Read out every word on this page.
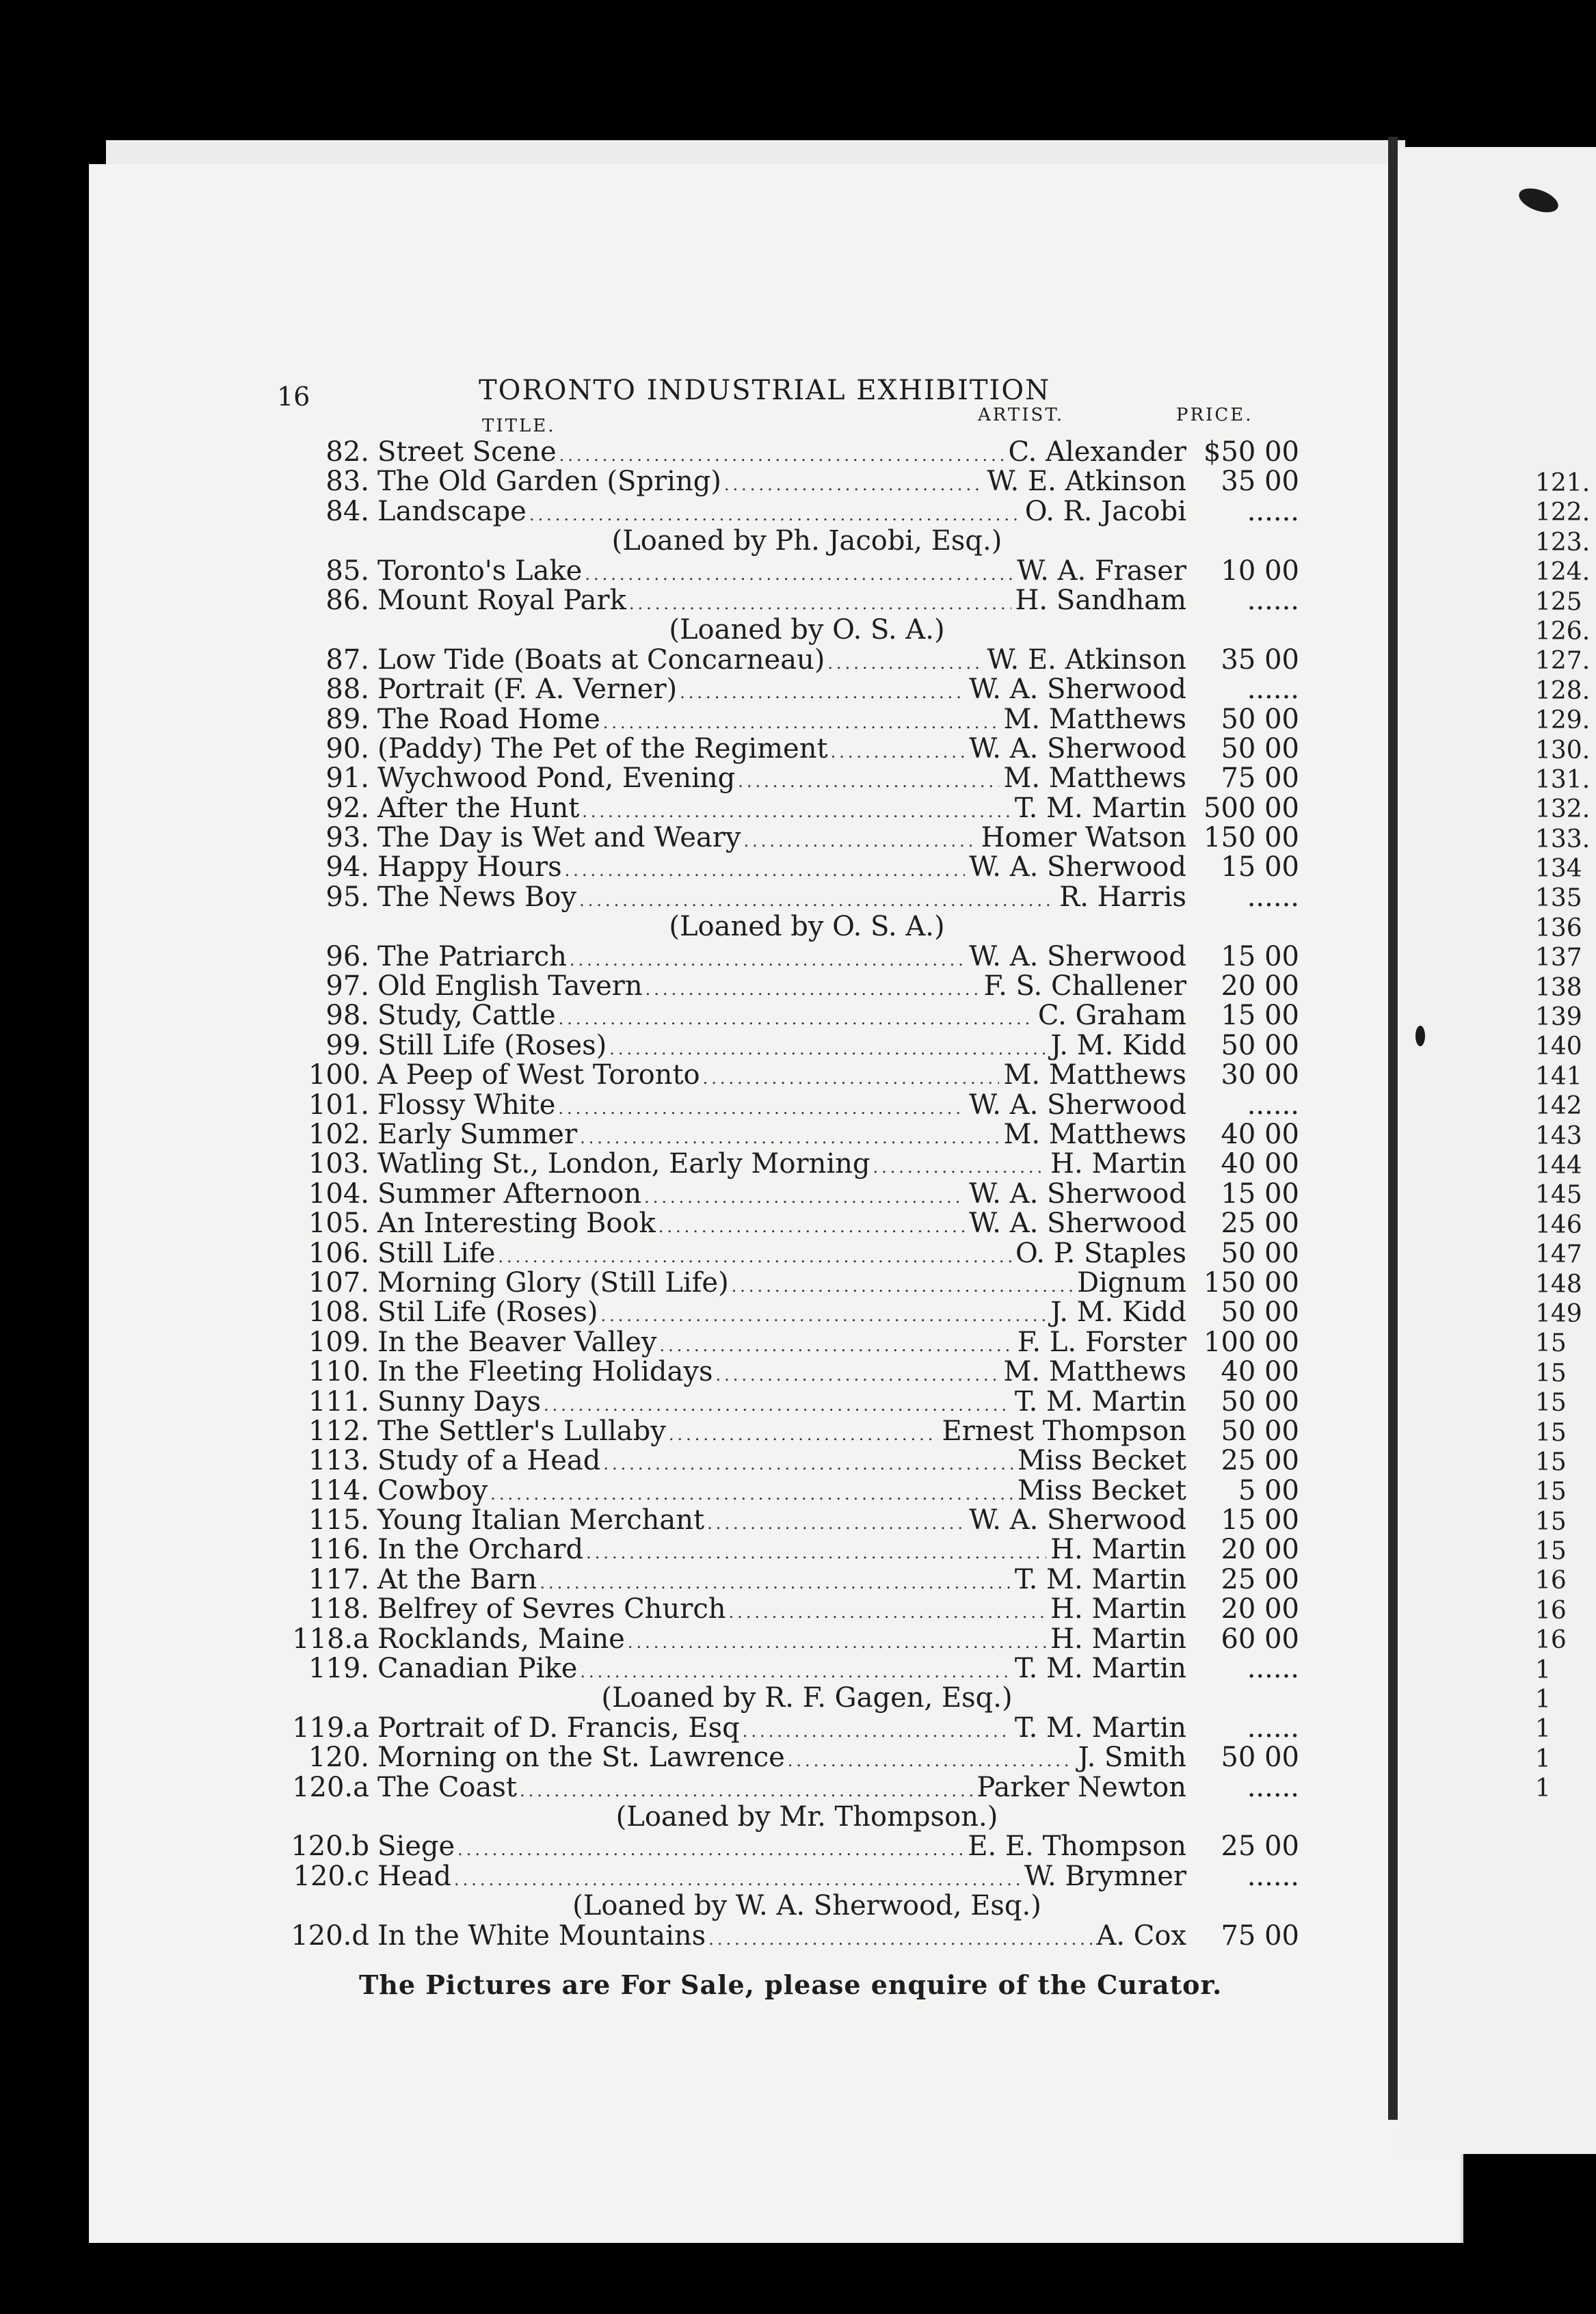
121.
122.
123.
124.
125
126.
127.
128.
129.
130.
131.
132.
133.
134
135
136
137
138
139
140
141
142
143
144
145
146
147
148
149
15
15
15
15
15
15
15
15
16
16
16
1
1
1
1
1
16	TORONTO INDUSTRIAL EXHIBITION
TITLE.
ARTIST.	PRICE.
82. Street Scene .....	C. Alexander $50 00
83. The Old Garden (Spring) .....	W. E. Atkinson	35 00
84. Landscape .....	O. R. Jacobi	......
(Loaned by Ph. Jacobi, Esq.)
85. Toronto's Lake .....	W. A. Fraser	10 00
86. Mount Royal Park .....	H. Sandham	......
(Loaned by O. S. A.)
87. Low Tide (Boats at Concarneau) .....	W. E. Atkinson	35 00
88. Portrait (F. A. Verner) .....	W. A. Sherwood	......
89. The Road Home .....	M. Matthews	50 00
90. (Paddy) The Pet of the Regiment .....	W. A. Sherwood	50 00
91. Wychwood Pond, Evening .....	M. Matthews	75 00
92. After the Hunt .....	T. M. Martin 500 00
93. The Day is Wet and Weary .....	Homer Watson 150 00
94. Happy Hours .....	W. A. Sherwood	15 00
95. The News Boy .....	R. Harris	......
(Loaned by O. S. A.)
96. The Patriarch .....	W. A. Sherwood	15 00
97. Old English Tavern .....	F. S. Challener	20 00
98. Study, Cattle .....	C. Graham	15 00
99. Still Life (Roses) .....	J. M. Kidd	50 00
100. A Peep of West Toronto .....	M. Matthews	30 00
101. Flossy White .....	W. A. Sherwood	......
102. Early Summer .....	M. Matthews	40 00
103. Watling St., London, Early Morning .....	H. Martin	40 00
104. Summer Afternoon .....	W. A. Sherwood	15 00
105. An Interesting Book .....	W. A. Sherwood	25 00
106. Still Life .....	O. P. Staples	50 00
107. Morning Glory (Still Life) .....	Dignum 150 00
108. Stil Life (Roses) .....	J. M. Kidd	50 00
109. In the Beaver Valley .....	F. L. Forster 100 00
110. In the Fleeting Holidays .....	M. Matthews	40 00
111. Sunny Days .....	T. M. Martin	50 00
112. The Settler's Lullaby .....	Ernest Thompson	50 00
113. Study of a Head .....	Miss Becket	25 00
114. Cowboy .....	Miss Becket	5 00
115. Young Italian Merchant .....	W. A. Sherwood	15 00
116. In the Orchard .....	H. Martin	20 00
117. At the Barn .....	T. M. Martin	25 00
118. Belfrey of Sevres Church .....	H. Martin	20 00
118.a Rocklands, Maine .....	H. Martin	60 00
119. Canadian Pike .....	T. M. Martin	......
(Loaned by R. F. Gagen, Esq.)
119.a Portrait of D. Francis, Esq .....	T. M. Martin	......
120. Morning on the St. Lawrence .....	J. Smith	50 00
120.a The Coast .....	Parker Newton	......
(Loaned by Mr. Thompson.)
120.b Siege .....	E. E. Thompson	25 00
120.c Head .....	W. Brymner	......
(Loaned by W. A. Sherwood, Esq.)
120.d In the White Mountains .....	A. Cox	75 00
The Pictures are For Sale, please enquire of the Curator.
